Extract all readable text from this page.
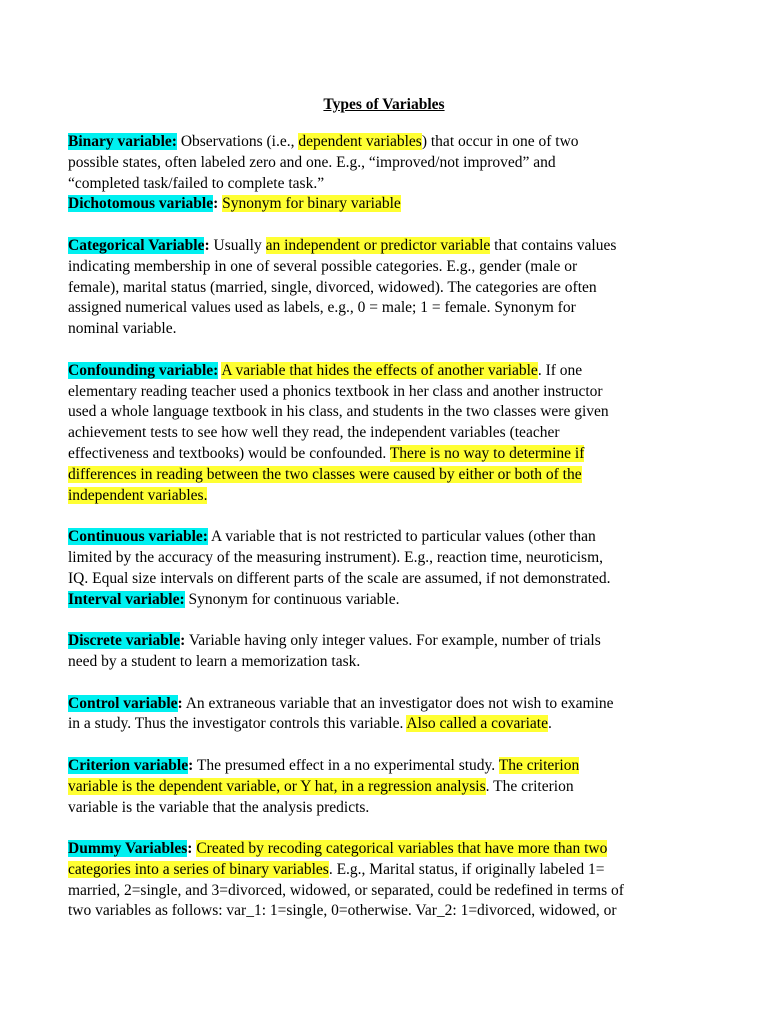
Types of Variables
Binary variable: Observations (i.e., dependent variables) that occur in one of two
possible states, often labeled zero and one. E.g., “improved/not improved” and
“completed task/failed to complete task.”
Dichotomous variable: Synonym for binary variable
Categorical Variable: Usually an independent or predictor variable that contains values
indicating membership in one of several possible categories. E.g., gender (male or
female), marital status (married, single, divorced, widowed). The categories are often
assigned numerical values used as labels, e.g., 0 = male; 1 = female. Synonym for
nominal variable.
Confounding variable: A variable that hides the effects of another variable. If one
elementary reading teacher used a phonics textbook in her class and another instructor
used a whole language textbook in his class, and students in the two classes were given
achievement tests to see how well they read, the independent variables (teacher
effectiveness and textbooks) would be confounded. There is no way to determine if
differences in reading between the two classes were caused by either or both of the
independent variables.
Continuous variable: A variable that is not restricted to particular values (other than
limited by the accuracy of the measuring instrument). E.g., reaction time, neuroticism,
IQ. Equal size intervals on different parts of the scale are assumed, if not demonstrated.
Interval variable: Synonym for continuous variable.
Discrete variable: Variable having only integer values. For example, number of trials
need by a student to learn a memorization task.
Control variable: An extraneous variable that an investigator does not wish to examine
in a study. Thus the investigator controls this variable. Also called a covariate.
Criterion variable: The presumed effect in a no experimental study. The criterion
variable is the dependent variable, or Y hat, in a regression analysis. The criterion
variable is the variable that the analysis predicts.
Dummy Variables: Created by recoding categorical variables that have more than two
categories into a series of binary variables. E.g., Marital status, if originally labeled 1=
married, 2=single, and 3=divorced, widowed, or separated, could be redefined in terms of
two variables as follows: var_1: 1=single, 0=otherwise. Var_2: 1=divorced, widowed, or
